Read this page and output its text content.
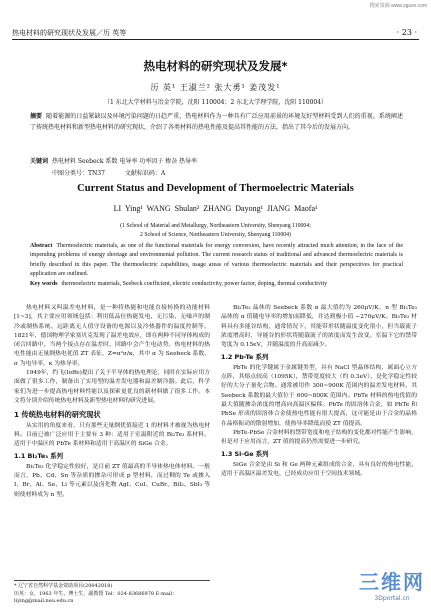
搜索资源 www.sgusx.com
热电材料的研究现状及发展／历 英等	· 23 ·
热电材料的研究现状及发展*
历 英¹ 王淑兰² 张大勇¹ 姜茂发¹
（1 东北大学材料与冶金学院，沈阳 110004；2 东北大学理学院，沈阳 110004）
摘要 随着能源的日益紧缺以及环境污染问题的日趋严重，热电材料作为一种具有广泛应用前景的环境友好型材料受到人们的重视。系统阐述了传统热电材料和新型热电材料的研究现状，介绍了各类材料的热电性能及提高其性能的方法，指出了其今后的发展方向。
关键词 热电材料 Seebeck 系数 电导率 功率因子 掺杂 热导率
中图分类号：TN37	文献标识码：A
Current Status and Development of Thermoelectric Materials
LI Ying¹ WANG Shulan² ZHANG Dayong¹ JIANG Maofa¹
(1 School of Material and Metallurgy, Northeastern University, Shenyang 110004;
2 School of Science, Northeastern University, Shenyang 110004)
Abstract Thermoelectric materials, as one of the functional materials for energy conversion, have recently attracted much attention, in the face of the impending problems of energy shortage and environmental pollution. The current research status of traditional and advanced thermoelectric materials is briefly described in this paper. The thermoelectric capabilities, usage areas of various thermoelectric materials and their perspectives for practical application are outlined.
Key words thermoelectric materials, Seebeck coefficient, electric conductivity, power factor, doping, thermal conductivity

热电材料又叫温差电材料，是一种将热能和电能直接转换的功能材料[1~3]，其主要应用领域包括：利用低品位热能发电、无污染、无噪声的制冷或制热系统、远距离无人值守设备的电源以及冷热器件的温度控制等。1821年，德国物理学家塞贝克发现了温差电效应，即在两种不同导体构成的闭合回路中，当两个接点存在温差时，回路中会产生电动势。热电材料的热电性能由无量纲热电优值 ZT 表征，Z=α²σ/κ，其中 α 为 Seebeck 系数，σ 为电导率，κ 为热导率。

1949年，约飞(Ioffe)提出了关于半导体的热电理论，同时在实际应用方面做了很多工作，制备出了实用型的温差发电器和温差制冷器。此后，科学家们为进一步提高热电材料性能以及探索更优良的新材料做了很多工作。本文将分别介绍传统热电材料及新型热电材料的研究进展。

1 传统热电材料的研究现状

从实用的角度来看，只有那些无量纲优值接近 1 的材料才被视为热电材料。目前已被广泛应用于主要有 3 种：适用于室温附近的 Bi₂Te₃ 系材料，适用于中温区的 PbTe 系材料和适用于高温区的 SiGe 合金。

1.1 Bi₂Te₃ 系列

Bi₂Te₃ 化学稳定性较好，是目前 ZT 值最高的半导体热电体材料。一般而言，Pb、Cd、Sn 等杂质的掺杂可形成 p 型材料，而过剩的 Te 或掺入 I、Br、Al、Se、Li 等元素以及卤化物 AgI、CuI、CuBr、BiI₃、SbI₃ 等则使材料成为 n 型。

Bi₂Te₃ 晶体的 Seebeck 系数 α 最大值约为 260μV/K，n 型 Bi₂Te₃ 晶体的 α 值随电导率的增加而降低，并达到极小值 −270μV/K。Bi₂Te₃ 材料具有多能谷结构，通常情况下，其能带形状随温度变化很小，但当载流子浓度增高时，导能谷的形状将随载流子的浓度而发生改变。室温下它的禁带宽度为 0.15eV，并随温度的升高而减少。

1.2 Pb-Te 系列

PbTe 的化学键属于金属键类型，具有 NaCl 型晶体结构，属面心立方点阵，其熔点较高（1095K），禁带宽度较大（约 0.3eV），是化学稳定性较好的大分子量化合物。通常被用作 300~900K 范围内的温差发电材料，其 Seebeck 系数的最大值位于 600~800K 范围内。PbTe 材料的热电优值的最大值随掺杂浓度的增高向高温区偏移。PbTe 的固溶体合金，如 PbTe 和 PbSe 形成的固溶体合金使热电性能有很大提高，这可能是由于合金的晶格在晶格振动的散射增加，使热导率降低而使 ZT 值提高。

PbTe-PbSe 合金材料的禁带宽度和电子结构的变化都对性能产生影响，但是对于应用而言，ZT 值的提高仍然需要进一步研究。

1.3 Si-Ge 系列

SiGe 合金是由 Si 和 Ge 两种元素组成的合金，具有良好的热电性能，适用于高温区温差发电，已经成功应用于空间技术领域。

* 辽宁省自然科学基金资助项目(20042018)
历英：女，1963 年生，博士生，副教授 Tel：024-83686978 E-mail：liying@mail.neu.edu.cn
三维网
3Dportal.cn
